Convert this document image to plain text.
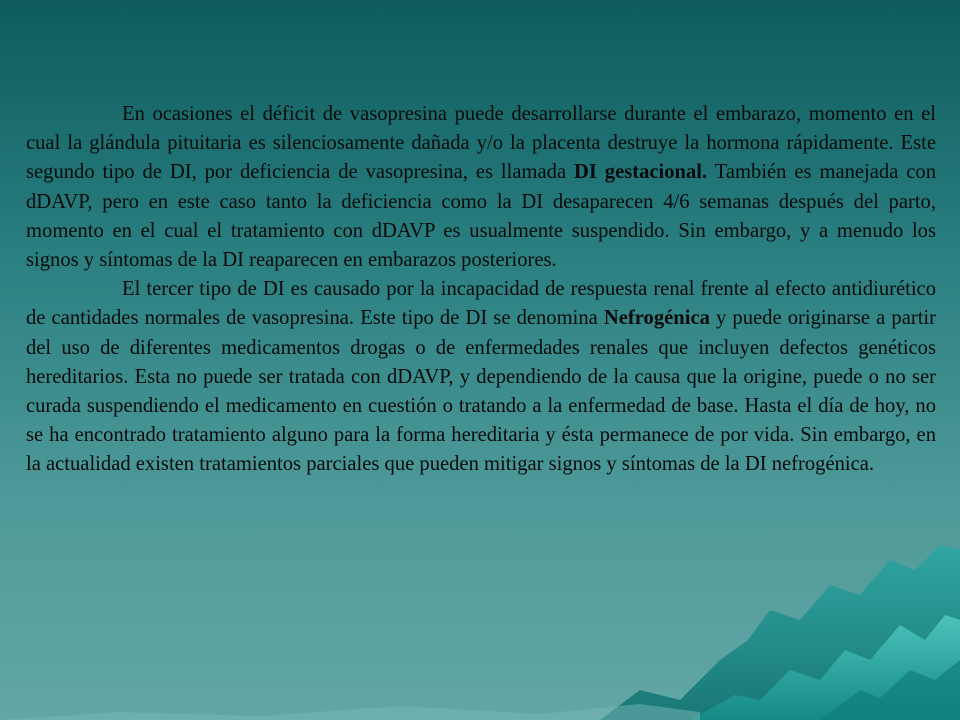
En ocasiones el déficit de vasopresina puede desarrollarse durante el embarazo, momento en el cual la glándula pituitaria es silenciosamente dañada y/o la placenta destruye la hormona rápidamente. Este segundo tipo de DI, por deficiencia de vasopresina, es llamada DI gestacional. También es manejada con dDAVP, pero en este caso tanto la deficiencia como la DI desaparecen 4/6 semanas después del parto, momento en el cual el tratamiento con dDAVP es usualmente suspendido. Sin embargo, y a menudo los signos y síntomas de la DI reaparecen en embarazos posteriores.

El tercer tipo de DI es causado por la incapacidad de respuesta renal frente al efecto antidiurético de cantidades normales de vasopresina. Este tipo de DI se denomina Nefrogénica y puede originarse a partir del uso de diferentes medicamentos drogas o de enfermedades renales que incluyen defectos genéticos hereditarios. Esta no puede ser tratada con dDAVP, y dependiendo de la causa que la origine, puede o no ser curada suspendiendo el medicamento en cuestión o tratando a la enfermedad de base. Hasta el día de hoy, no se ha encontrado tratamiento alguno para la forma hereditaria y ésta permanece de por vida. Sin embargo, en la actualidad existen tratamientos parciales que pueden mitigar signos y síntomas de la DI nefrogénica.
